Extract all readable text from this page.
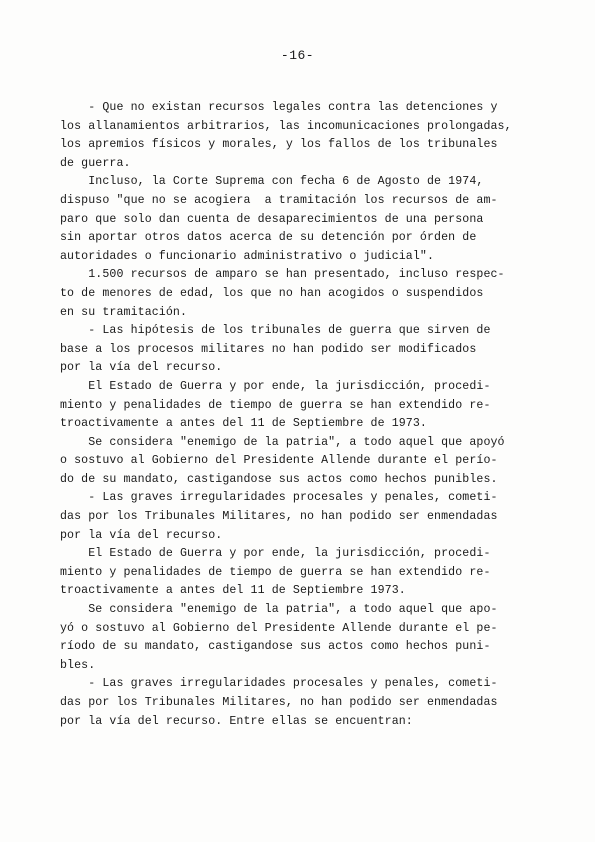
-16-
- Que no existan recursos legales contra las detenciones y
los allanamientos arbitrarios, las incomunicaciones prolongadas,
los apremios físicos y morales, y los fallos de los tribunales
de guerra.
Incluso, la Corte Suprema con fecha 6 de Agosto de 1974,
dispuso "que no se acogiera  a tramitación los recursos de am-
paro que solo dan cuenta de desaparecimientos de una persona
sin aportar otros datos acerca de su detención por órden de
autoridades o funcionario administrativo o judicial".
1.500 recursos de amparo se han presentado, incluso respec-
to de menores de edad, los que no han acogidos o suspendidos
en su tramitación.
- Las hipótesis de los tribunales de guerra que sirven de
base a los procesos militares no han podido ser modificados
por la vía del recurso.
El Estado de Guerra y por ende, la jurisdicción, procedi-
miento y penalidades de tiempo de guerra se han extendido re-
troactivamente a antes del 11 de Septiembre de 1973.
Se considera "enemigo de la patria", a todo aquel que apoyó
o sostuvo al Gobierno del Presidente Allende durante el perío-
do de su mandato, castigandose sus actos como hechos punibles.
- Las graves irregularidades procesales y penales, cometi-
das por los Tribunales Militares, no han podido ser enmendadas
por la vía del recurso.
El Estado de Guerra y por ende, la jurisdicción, procedi-
miento y penalidades de tiempo de guerra se han extendido re-
troactivamente a antes del 11 de Septiembre 1973.
Se considera "enemigo de la patria", a todo aquel que apo-
yó o sostuvo al Gobierno del Presidente Allende durante el pe-
ríodo de su mandato, castigandose sus actos como hechos puni-
bles.
- Las graves irregularidades procesales y penales, cometi-
das por los Tribunales Militares, no han podido ser enmendadas
por la vía del recurso. Entre ellas se encuentran:
